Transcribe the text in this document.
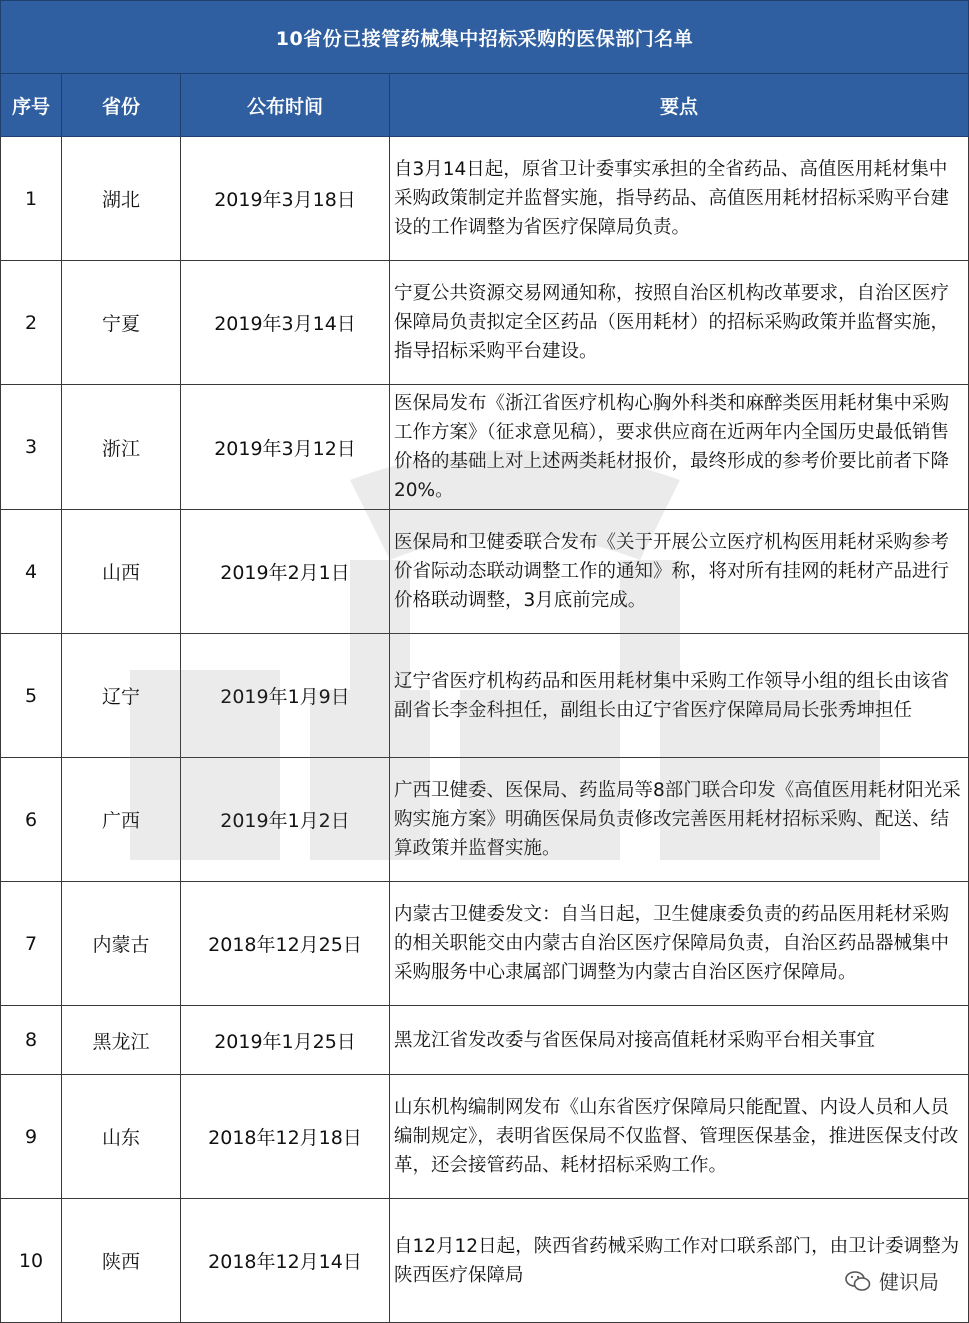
10省份已接管药械集中招标采购的医保部门名单
序号	省份	公布时间	要点
1	湖北	2019年3月18日	自3月14日起，原省卫计委事实承担的全省药品、高值医用耗材集中采购政策制定并监督实施，指导药品、高值医用耗材招标采购平台建设的工作调整为省医疗保障局负责。
2	宁夏	2019年3月14日	宁夏公共资源交易网通知称，按照自治区机构改革要求，自治区医疗保障局负责拟定全区药品（医用耗材）的招标采购政策并监督实施，指导招标采购平台建设。
3	浙江	2019年3月12日	医保局发布《浙江省医疗机构心胸外科类和麻醉类医用耗材集中采购工作方案》（征求意见稿），要求供应商在近两年内全国历史最低销售价格的基础上对上述两类耗材报价，最终形成的参考价要比前者下降20%。
4	山西	2019年2月1日	医保局和卫健委联合发布《关于开展公立医疗机构医用耗材采购参考价省际动态联动调整工作的通知》称，将对所有挂网的耗材产品进行价格联动调整，3月底前完成。
5	辽宁	2019年1月9日	辽宁省医疗机构药品和医用耗材集中采购工作领导小组的组长由该省副省长李金科担任，副组长由辽宁省医疗保障局局长张秀坤担任
6	广西	2019年1月2日	广西卫健委、医保局、药监局等8部门联合印发《高值医用耗材阳光采购实施方案》明确医保局负责修改完善医用耗材招标采购、配送、结算政策并监督实施。
7	内蒙古	2018年12月25日	内蒙古卫健委发文：自当日起，卫生健康委负责的药品医用耗材采购的相关职能交由内蒙古自治区医疗保障局负责，自治区药品器械集中采购服务中心隶属部门调整为内蒙古自治区医疗保障局。
8	黑龙江	2019年1月25日	黑龙江省发改委与省医保局对接高值耗材采购平台相关事宜
9	山东	2018年12月18日	山东机构编制网发布《山东省医疗保障局只能配置、内设人员和人员编制规定》，表明省医保局不仅监督、管理医保基金，推进医保支付改革，还会接管药品、耗材招标采购工作。
10	陕西	2018年12月14日	自12月12日起，陕西省药械采购工作对口联系部门，由卫计委调整为陕西医疗保障局	健识局
